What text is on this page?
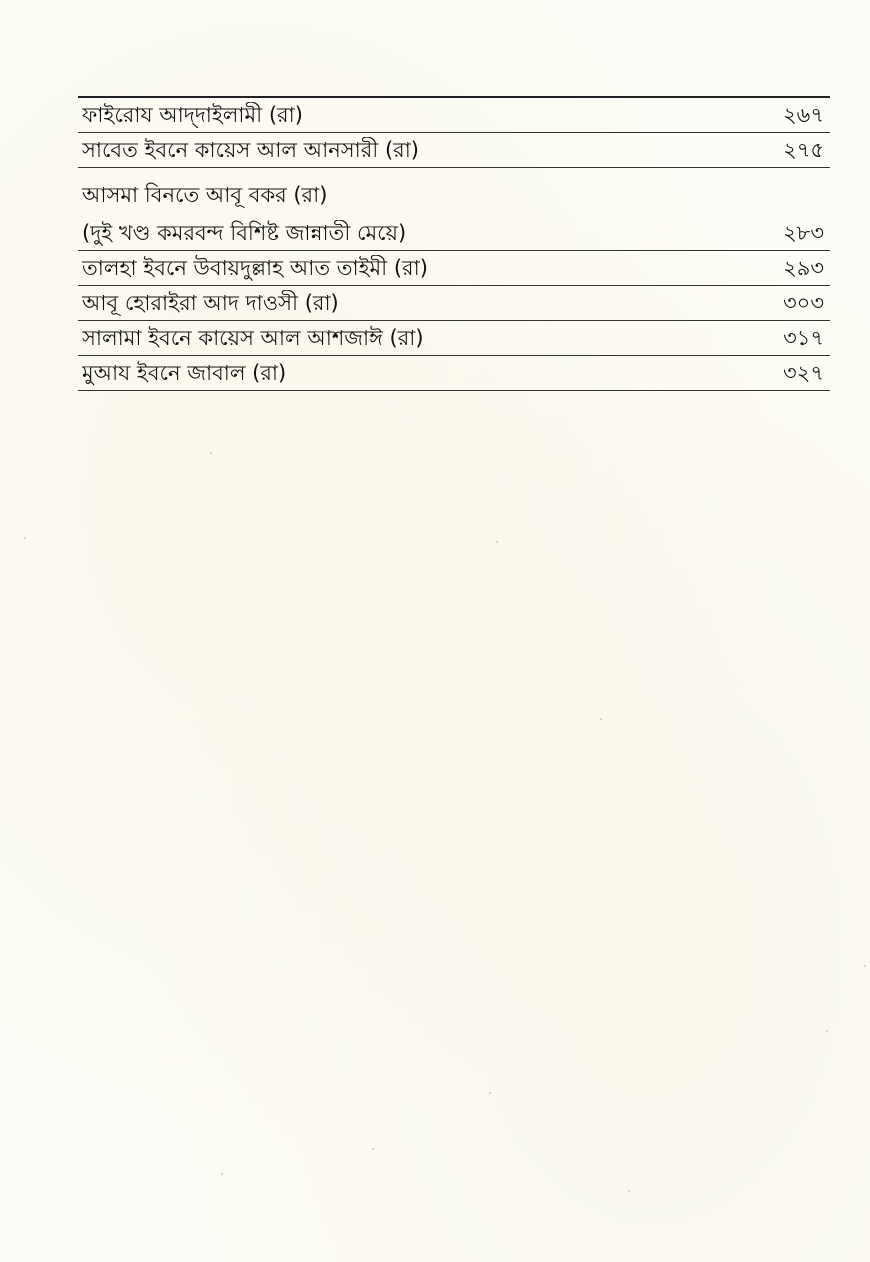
ফাইরোয আদ্‌দাইলামী (রা)	২৬৭
সাবেত ইবনে কায়েস আল আনসারী (রা)	২৭৫
আসমা বিনতে আবূ বকর (রা)
(দুই খণ্ড কমরবন্দ বিশিষ্ট জান্নাতী মেয়ে)	২৮৩
তালহা ইবনে উবায়দুল্লাহ আত তাইমী (রা)	২৯৩
আবূ হোরাইরা আদ দাওসী (রা)	৩০৩
সালামা ইবনে কায়েস আল আশজাঈ (রা)	৩১৭
মুআয ইবনে জাবাল (রা)	৩২৭
